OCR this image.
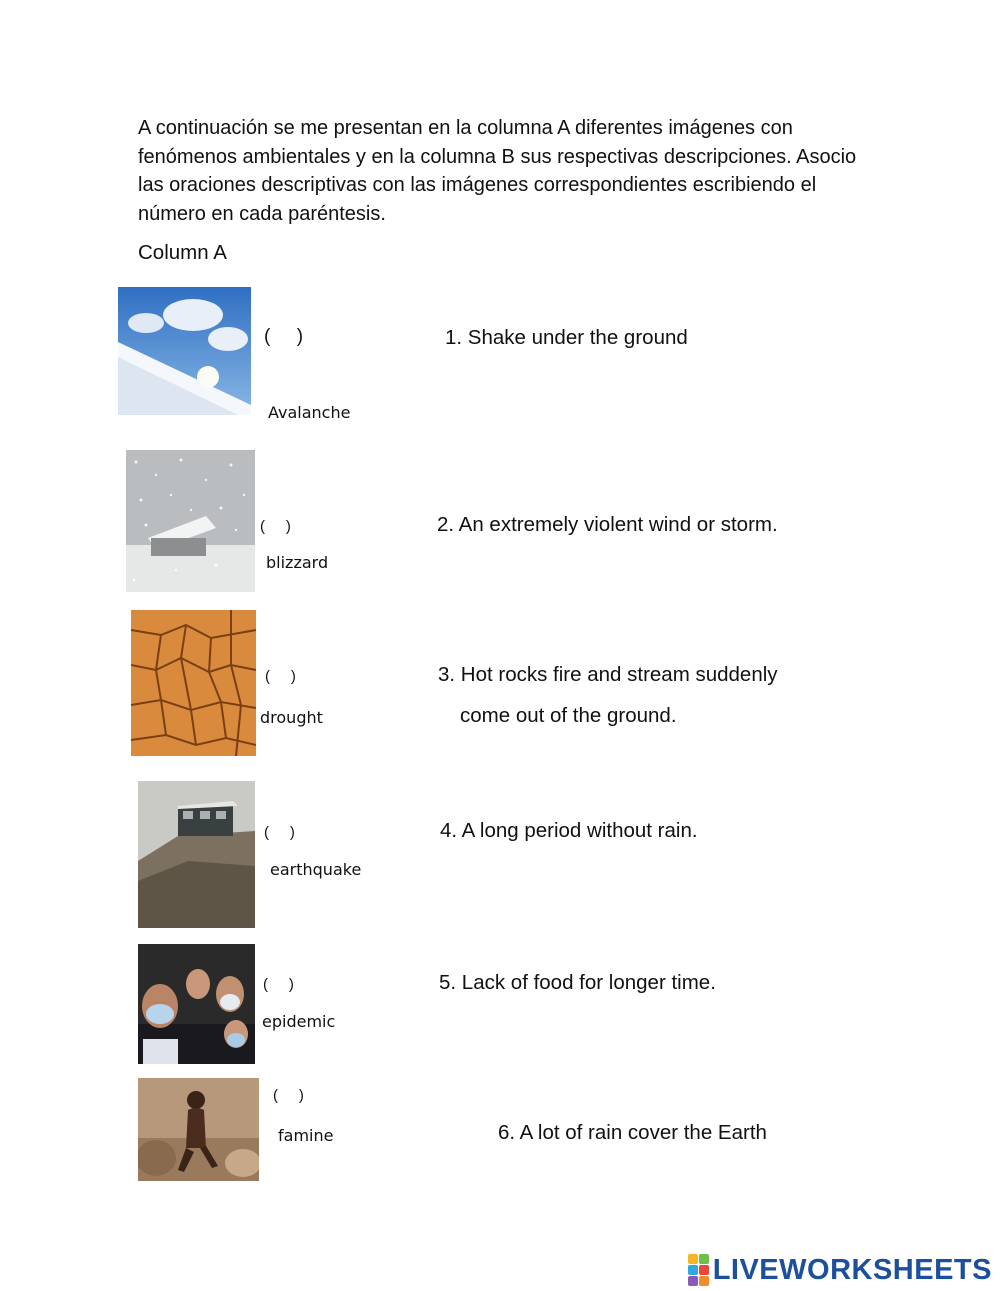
A continuación se me presentan en la columna A diferentes imágenes con fenómenos ambientales y en la columna B sus respectivas descripciones. Asocio las oraciones descriptivas con las imágenes correspondientes escribiendo el número en cada paréntesis.
Column A
(     )
Avalanche
1. Shake under the ground
(     )
blizzard
2. An extremely violent wind or storm.
(     )
drought
3. Hot rocks fire and stream suddenly
come out of the ground.
(     )
earthquake
4. A long period without rain.
(     )
epidemic
5. Lack of food for longer time.
(     )
famine	6. A lot of rain cover the Earth
LIVEWORKSHEETS
